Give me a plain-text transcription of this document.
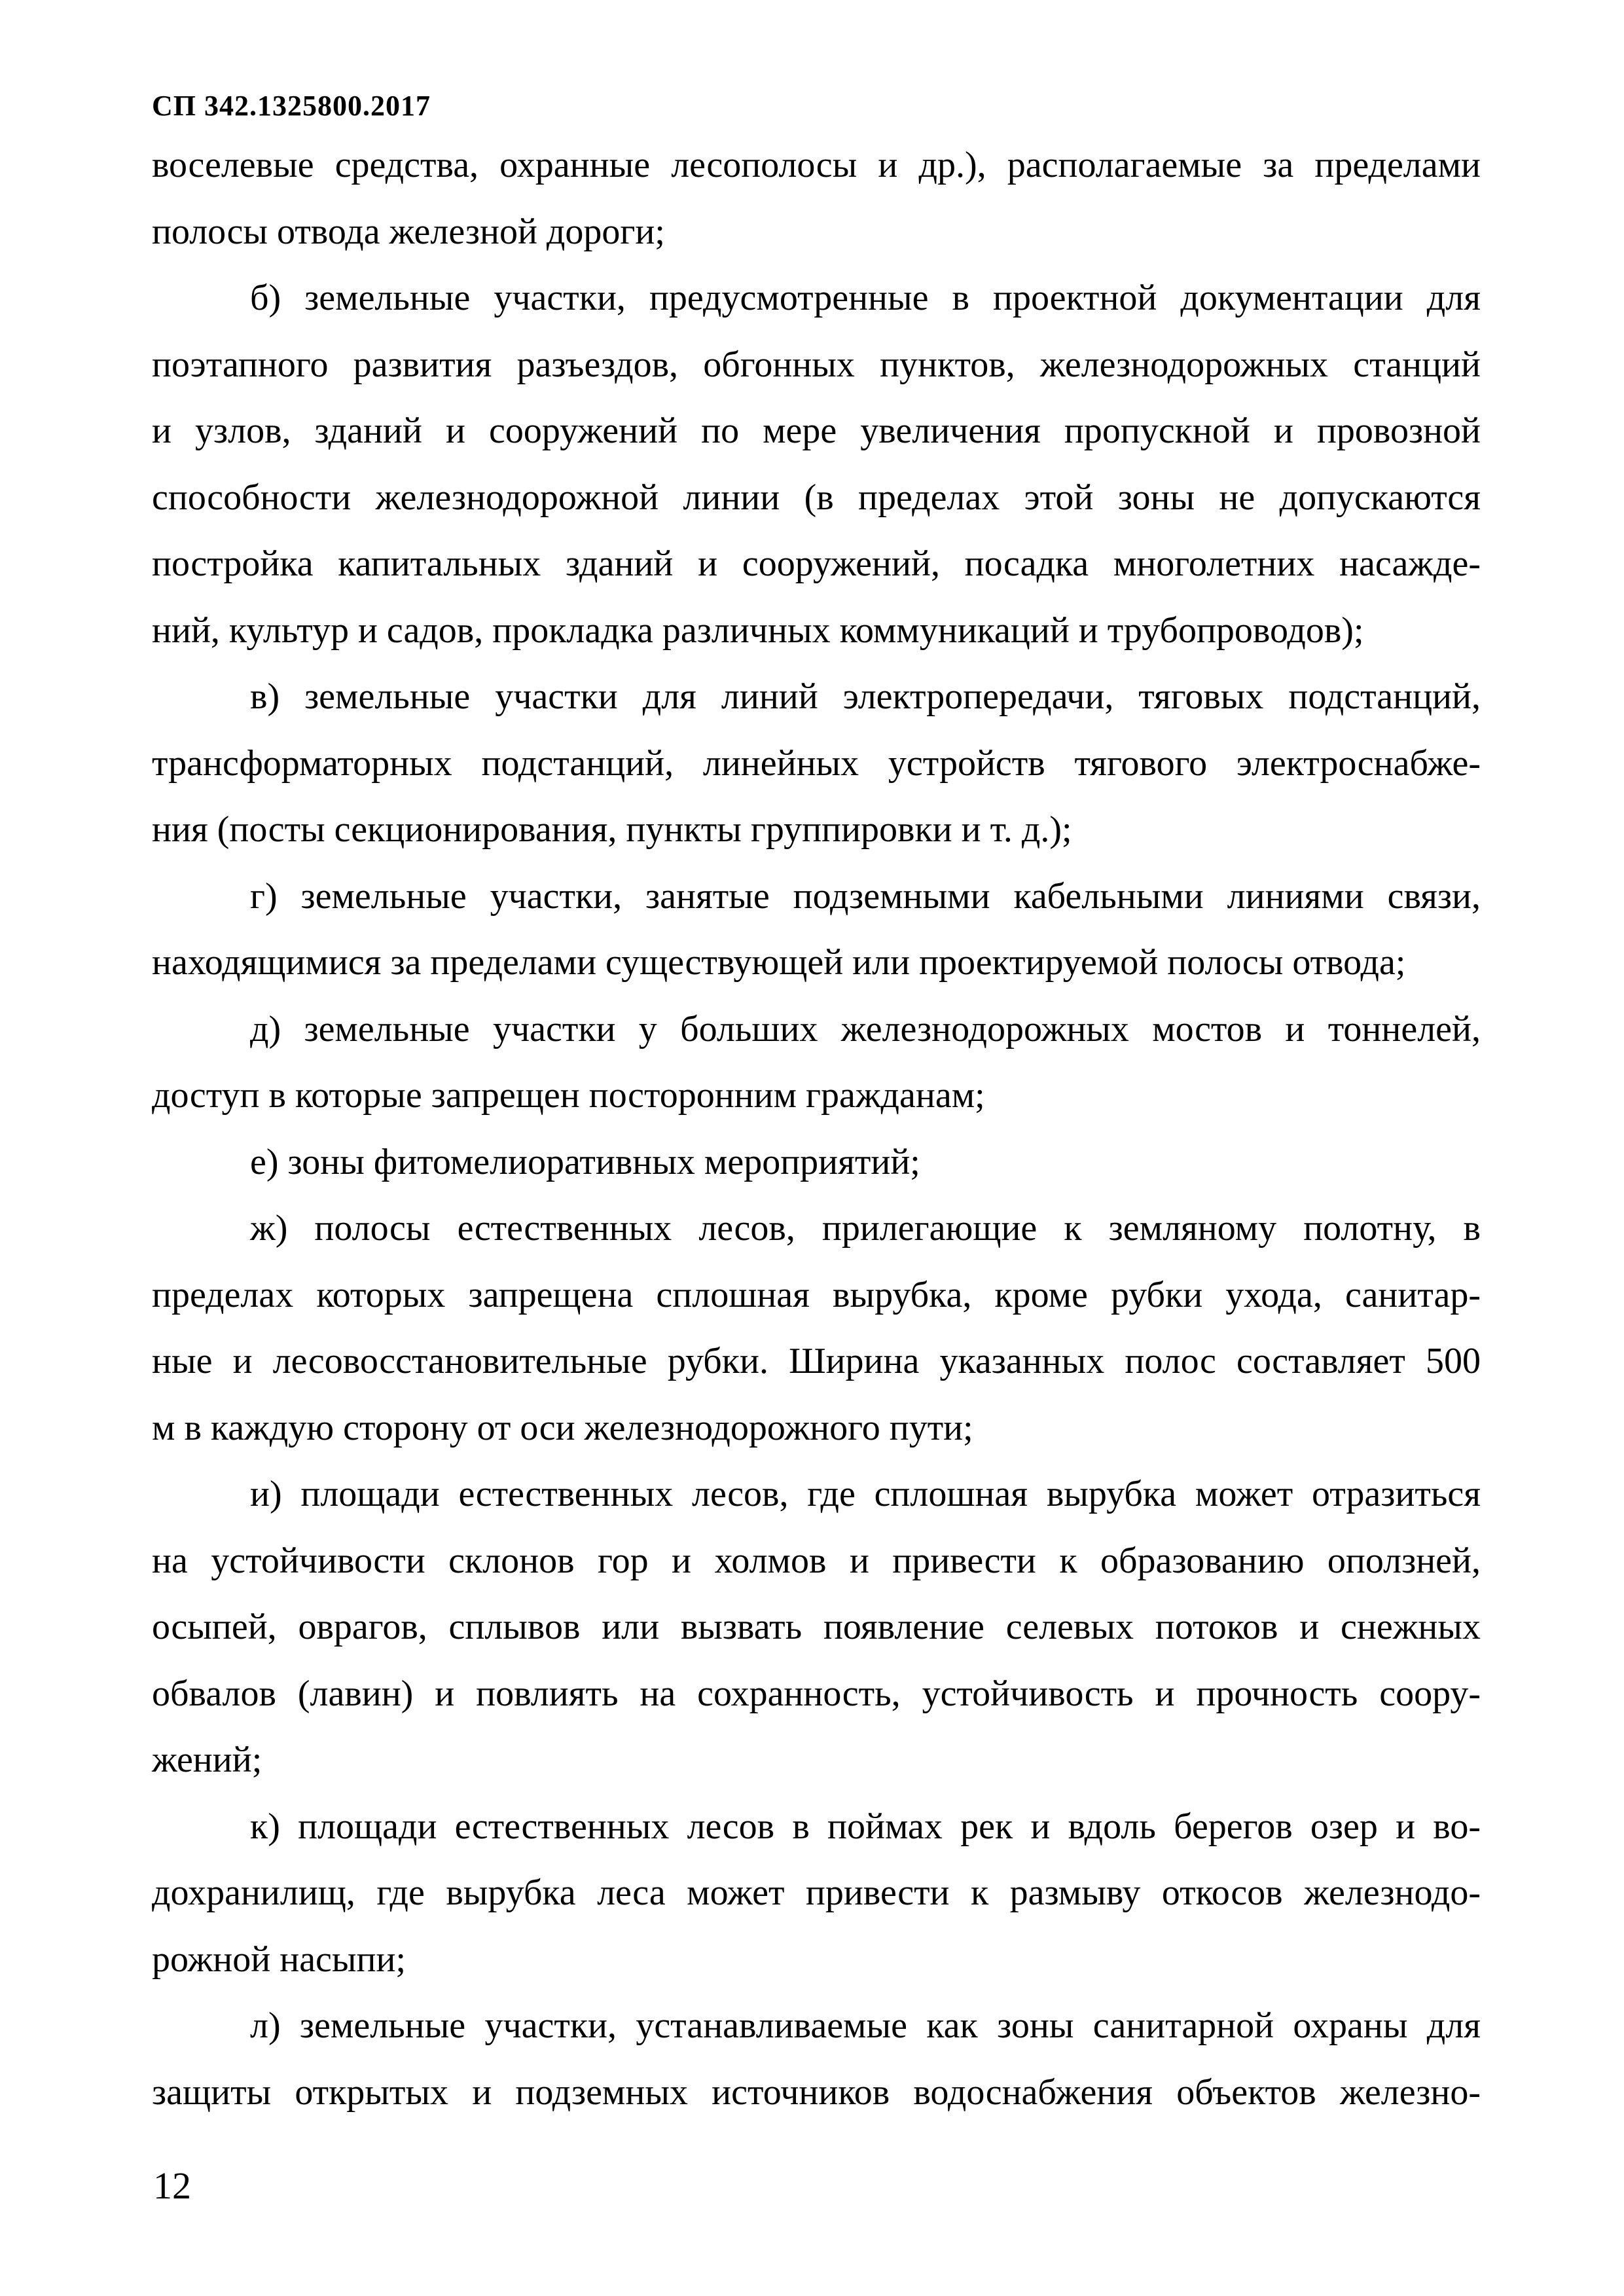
СП 342.1325800.2017
воселевые средства, охранные лесополосы и др.), располагаемые за пределами
полосы отвода железной дороги;
б) земельные участки, предусмотренные в проектной документации для
поэтапного развития разъездов, обгонных пунктов, железнодорожных станций
и узлов, зданий и сооружений по мере увеличения пропускной и провозной
способности железнодорожной линии (в пределах этой зоны не допускаются
постройка капитальных зданий и сооружений, посадка многолетних насажде-
ний, культур и садов, прокладка различных коммуникаций и трубопроводов);
в) земельные участки для линий электропередачи, тяговых подстанций,
трансформаторных подстанций, линейных устройств тягового электроснабже-
ния (посты секционирования, пункты группировки и т. д.);
г) земельные участки, занятые подземными кабельными линиями связи,
находящимися за пределами существующей или проектируемой полосы отвода;
д) земельные участки у больших железнодорожных мостов и тоннелей,
доступ в которые запрещен посторонним гражданам;
е) зоны фитомелиоративных мероприятий;
ж) полосы естественных лесов, прилегающие к земляному полотну, в
пределах которых запрещена сплошная вырубка, кроме рубки ухода, санитар-
ные и лесовосстановительные рубки. Ширина указанных полос составляет 500
м в каждую сторону от оси железнодорожного пути;
и) площади естественных лесов, где сплошная вырубка может отразиться
на устойчивости склонов гор и холмов и привести к образованию оползней,
осыпей, оврагов, сплывов или вызвать появление селевых потоков и снежных
обвалов (лавин) и повлиять на сохранность, устойчивость и прочность соору-
жений;
к) площади естественных лесов в поймах рек и вдоль берегов озер и во-
дохранилищ, где вырубка леса может привести к размыву откосов железнодо-
рожной насыпи;
л) земельные участки, устанавливаемые как зоны санитарной охраны для
защиты открытых и подземных источников водоснабжения объектов железно-
12
